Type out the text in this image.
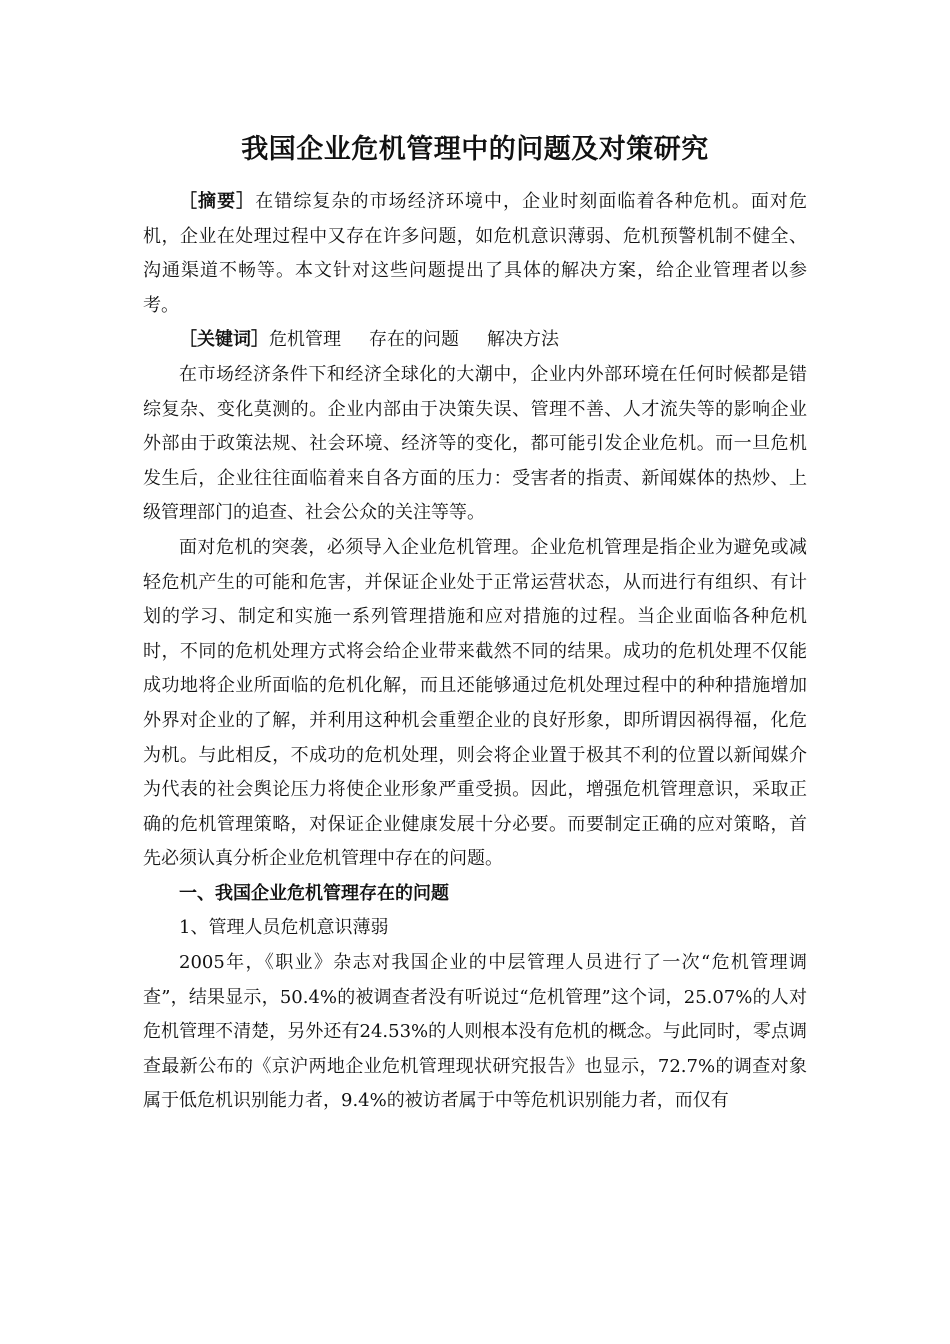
我国企业危机管理中的问题及对策研究

［摘要］在错综复杂的市场经济环境中，企业时刻面临着各种危机。面对危机，企业在处理过程中又存在许多问题，如危机意识薄弱、危机预警机制不健全、沟通渠道不畅等。本文针对这些问题提出了具体的解决方案，给企业管理者以参考。

［关键词］危机管理 存在的问题 解决方法

在市场经济条件下和经济全球化的大潮中，企业内外部环境在任何时候都是错综复杂、变化莫测的。企业内部由于决策失误、管理不善、人才流失等的影响企业外部由于政策法规、社会环境、经济等的变化，都可能引发企业危机。而一旦危机发生后，企业往往面临着来自各方面的压力：受害者的指责、新闻媒体的热炒、上级管理部门的追查、社会公众的关注等等。

面对危机的突袭，必须导入企业危机管理。企业危机管理是指企业为避免或减轻危机产生的可能和危害，并保证企业处于正常运营状态，从而进行有组织、有计划的学习、制定和实施一系列管理措施和应对措施的过程。当企业面临各种危机时，不同的危机处理方式将会给企业带来截然不同的结果。成功的危机处理不仅能成功地将企业所面临的危机化解，而且还能够通过危机处理过程中的种种措施增加外界对企业的了解，并利用这种机会重塑企业的良好形象，即所谓因祸得福，化危为机。与此相反，不成功的危机处理，则会将企业置于极其不利的位置以新闻媒介为代表的社会舆论压力将使企业形象严重受损。因此，增强危机管理意识，采取正确的危机管理策略，对保证企业健康发展十分必要。而要制定正确的应对策略，首先必须认真分析企业危机管理中存在的问题。

一、我国企业危机管理存在的问题

1、管理人员危机意识薄弱

2005年，《职业》杂志对我国企业的中层管理人员进行了一次“危机管理调查”，结果显示，50.4%的被调查者没有听说过“危机管理”这个词，25.07%的人对危机管理不清楚，另外还有24.53%的人则根本没有危机的概念。与此同时，零点调查最新公布的《京沪两地企业危机管理现状研究报告》也显示，72.7%的调查对象属于低危机识别能力者，9.4%的被访者属于中等危机识别能力者，而仅有
